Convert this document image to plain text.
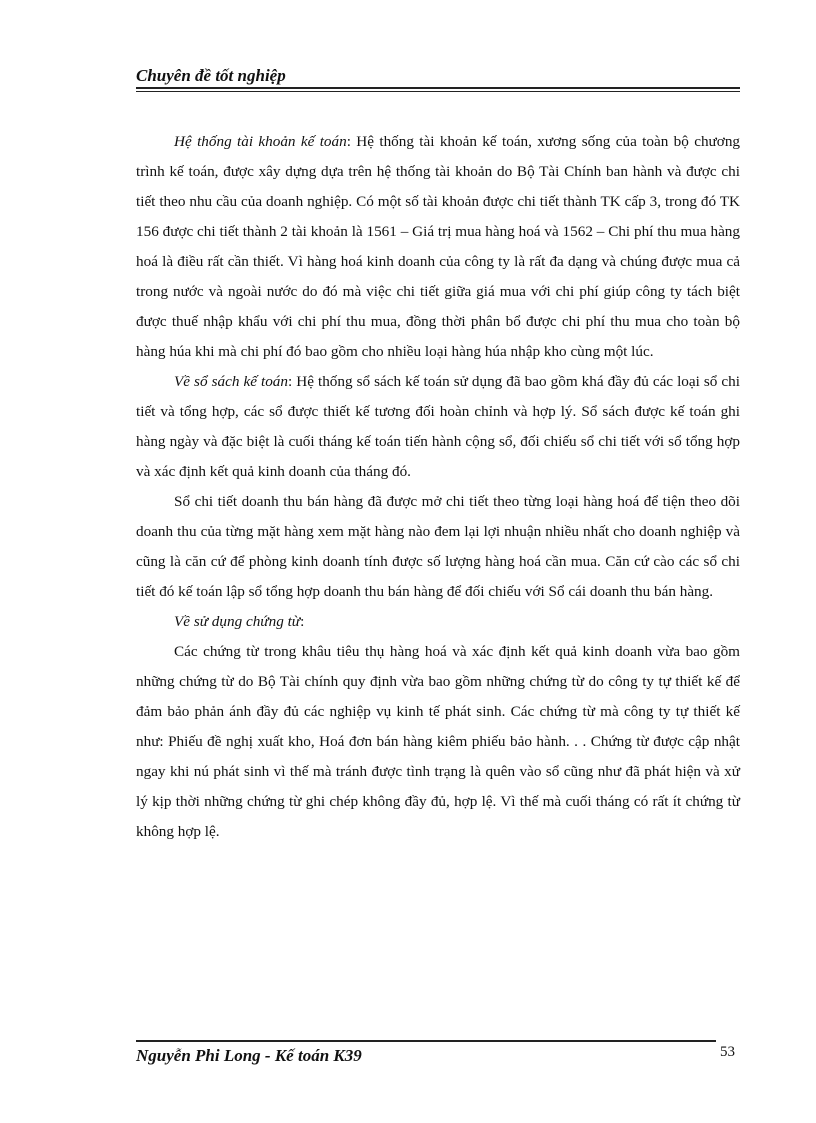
Chuyên đề tốt nghiệp

Hệ thống tài khoản kế toán: Hệ thống tài khoản kế toán, xương sống của toàn bộ chương trình kế toán, được xây dựng dựa trên hệ thống tài khoản do Bộ Tài Chính ban hành và được chi tiết theo nhu cầu của doanh nghiệp. Có một số tài khoản được chi tiết thành TK cấp 3, trong đó TK 156 được chi tiết thành 2 tài khoản là 1561 – Giá trị mua hàng hoá và 1562 – Chi phí thu mua hàng hoá là điều rất cần thiết. Vì hàng hoá kinh doanh của công ty là rất đa dạng và chúng được mua cả trong nước và ngoài nước do đó mà việc chi tiết giữa giá mua với chi phí giúp công ty tách biệt được thuế nhập khẩu với chi phí thu mua, đồng thời phân bổ được chi phí thu mua cho toàn bộ hàng húa khi mà chi phí đó bao gồm cho nhiều loại hàng húa nhập kho cùng một lúc.

Về sổ sách kế toán: Hệ thống sổ sách kế toán sử dụng đã bao gồm khá đầy đủ các loại sổ chi tiết và tổng hợp, các sổ được thiết kế tương đối hoàn chỉnh và hợp lý. Sổ sách được kế toán ghi hàng ngày và đặc biệt là cuối tháng kế toán tiến hành cộng sổ, đối chiếu sổ chi tiết với sổ tổng hợp và xác định kết quả kinh doanh của tháng đó.

Sổ chi tiết doanh thu bán hàng đã được mở chi tiết theo từng loại hàng hoá để tiện theo dõi doanh thu của từng mặt hàng xem mặt hàng nào đem lại lợi nhuận nhiều nhất cho doanh nghiệp và cũng là căn cứ để phòng kinh doanh tính được số lượng hàng hoá cần mua. Căn cứ cào các sổ chi tiết đó kế toán lập sổ tổng hợp doanh thu bán hàng để đối chiếu với Sổ cái doanh thu bán hàng.

Về sử dụng chứng từ:

Các chứng từ trong khâu tiêu thụ hàng hoá và xác định kết quả kinh doanh vừa bao gồm những chứng từ do Bộ Tài chính quy định vừa bao gồm những chứng từ do công ty tự thiết kế để đảm bảo phản ánh đầy đủ các nghiệp vụ kinh tế phát sinh. Các chứng từ mà công ty tự thiết kế như: Phiếu đề nghị xuất kho, Hoá đơn bán hàng kiêm phiếu bảo hành. . . Chứng từ được cập nhật ngay khi nú phát sinh vì thế mà tránh được tình trạng là quên vào sổ cũng như đã phát hiện và xử lý kịp thời những chứng từ ghi chép không đầy đủ, hợp lệ. Vì thế mà cuối tháng có rất ít chứng từ không hợp lệ.

Nguyễn Phi Long - Kế toán K39	53
